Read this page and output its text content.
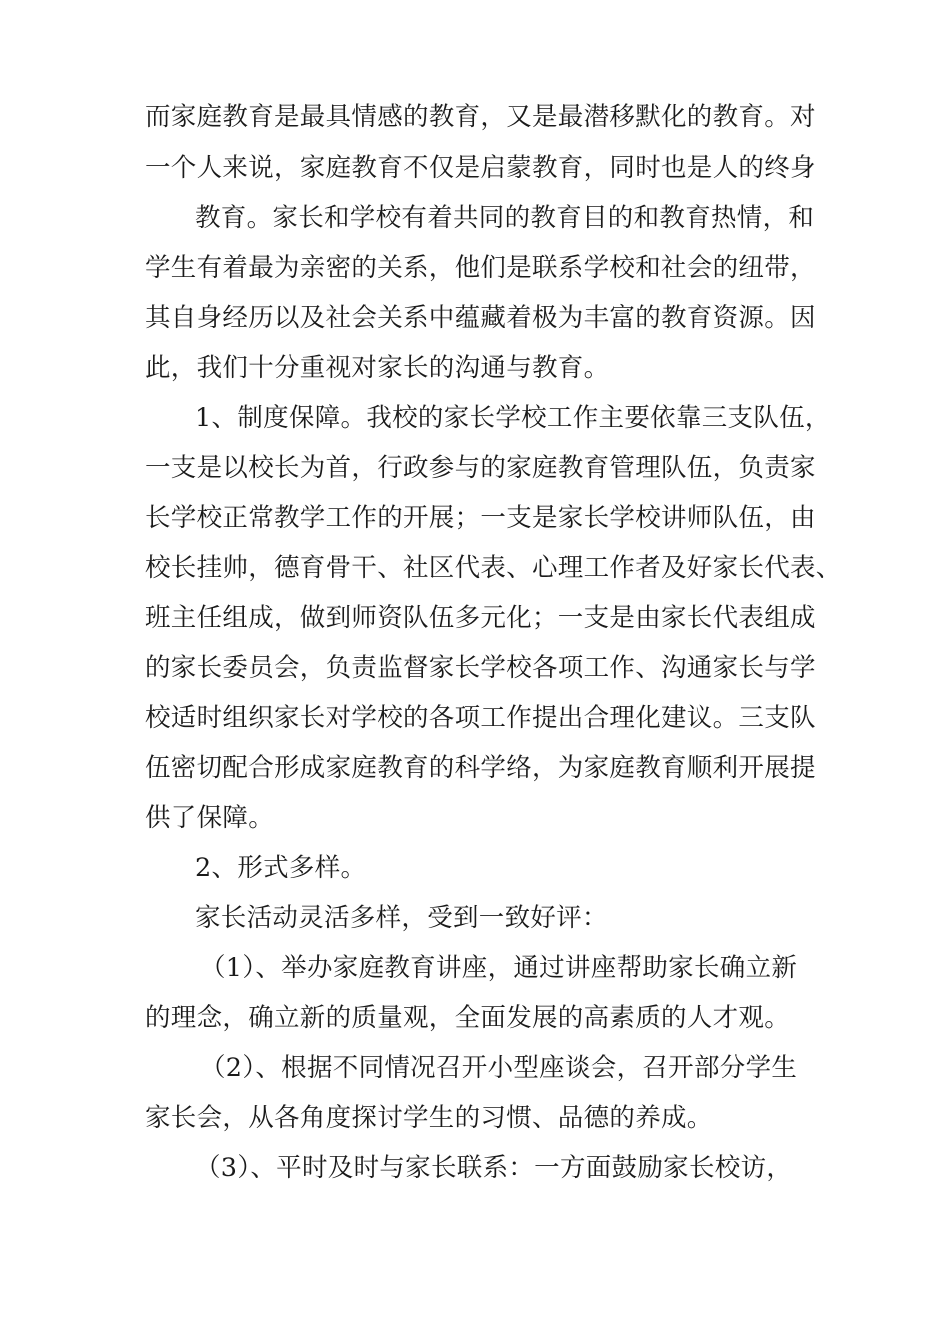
而家庭教育是最具情感的教育，又是最潜移默化的教育。对
一个人来说，家庭教育不仅是启蒙教育，同时也是人的终身
教育。家长和学校有着共同的教育目的和教育热情，和
学生有着最为亲密的关系，他们是联系学校和社会的纽带，
其自身经历以及社会关系中蕴藏着极为丰富的教育资源。因
此，我们十分重视对家长的沟通与教育。
1、制度保障。我校的家长学校工作主要依靠三支队伍，
一支是以校长为首，行政参与的家庭教育管理队伍，负责家
长学校正常教学工作的开展；一支是家长学校讲师队伍，由
校长挂帅，德育骨干、社区代表、心理工作者及好家长代表、
班主任组成，做到师资队伍多元化；一支是由家长代表组成
的家长委员会，负责监督家长学校各项工作、沟通家长与学
校适时组织家长对学校的各项工作提出合理化建议。三支队
伍密切配合形成家庭教育的科学络，为家庭教育顺利开展提
供了保障。
2、形式多样。
家长活动灵活多样，受到一致好评：
（1）、举办家庭教育讲座，通过讲座帮助家长确立新
的理念，确立新的质量观，全面发展的高素质的人才观。
（2）、根据不同情况召开小型座谈会，召开部分学生
家长会，从各角度探讨学生的习惯、品德的养成。
（3）、平时及时与家长联系：一方面鼓励家长校访，
